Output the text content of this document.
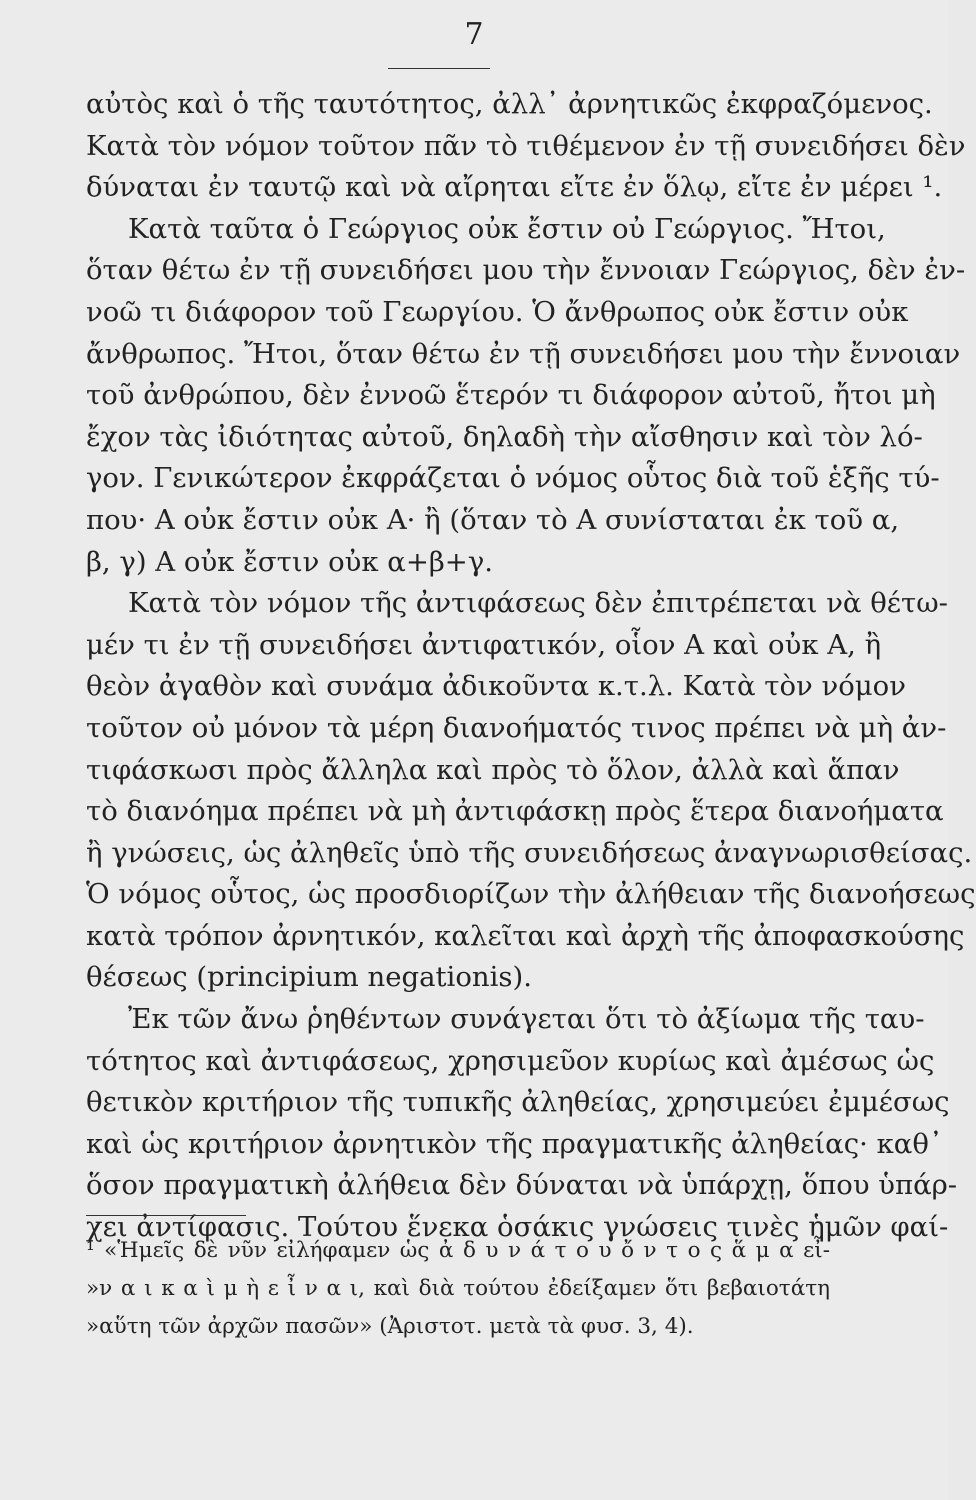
7
αὐτὸς καὶ ὁ τῆς ταυτότητος, ἀλλ᾽ ἀρνητικῶς ἐκφραζόμενος.
Κατὰ τὸν νόμον τοῦτον πᾶν τὸ τιθέμενον ἐν τῇ συνειδήσει δὲν
δύναται ἐν ταυτῷ καὶ νὰ αἴρηται εἴτε ἐν ὅλῳ, εἴτε ἐν μέρει ¹.
Κατὰ ταῦτα ὁ Γεώργιος οὐκ ἔστιν οὐ Γεώργιος. Ἤτοι,
ὅταν θέτω ἐν τῇ συνειδήσει μου τὴν ἔννοιαν Γεώργιος, δὲν ἐν-
νοῶ τι διάφορον τοῦ Γεωργίου. Ὁ ἄνθρωπος οὐκ ἔστιν οὐκ
ἄνθρωπος. Ἤτοι, ὅταν θέτω ἐν τῇ συνειδήσει μου τὴν ἔννοιαν
τοῦ ἀνθρώπου, δὲν ἐννοῶ ἕτερόν τι διάφορον αὐτοῦ, ἤτοι μὴ
ἔχον τὰς ἰδιότητας αὐτοῦ, δηλαδὴ τὴν αἴσθησιν καὶ τὸν λό-
γον. Γενικώτερον ἐκφράζεται ὁ νόμος οὗτος διὰ τοῦ ἑξῆς τύ-
που· Α οὐκ ἔστιν οὐκ Α· ἢ (ὅταν τὸ Α συνίσταται ἐκ τοῦ α,
β, γ) Α οὐκ ἔστιν οὐκ α+β+γ.
Κατὰ τὸν νόμον τῆς ἀντιφάσεως δὲν ἐπιτρέπεται νὰ θέτω-
μέν τι ἐν τῇ συνειδήσει ἀντιφατικόν, οἷον Α καὶ οὐκ Α, ἢ
θεὸν ἀγαθὸν καὶ συνάμα ἀδικοῦντα κ.τ.λ. Κατὰ τὸν νόμον
τοῦτον οὐ μόνον τὰ μέρη διανοήματός τινος πρέπει νὰ μὴ ἀν-
τιφάσκωσι πρὸς ἄλληλα καὶ πρὸς τὸ ὅλον, ἀλλὰ καὶ ἅπαν
τὸ διανόημα πρέπει νὰ μὴ ἀντιφάσκῃ πρὸς ἕτερα διανοήματα
ἢ γνώσεις, ὡς ἀληθεῖς ὑπὸ τῆς συνειδήσεως ἀναγνωρισθείσας.
Ὁ νόμος οὗτος, ὡς προσδιορίζων τὴν ἀλήθειαν τῆς διανοήσεως
κατὰ τρόπον ἀρνητικόν, καλεῖται καὶ ἀρχὴ τῆς ἀποφασκούσης
θέσεως (principium negationis).
Ἐκ τῶν ἄνω ῥηθέντων συνάγεται ὅτι τὸ ἀξίωμα τῆς ταυ-
τότητος καὶ ἀντιφάσεως, χρησιμεῦον κυρίως καὶ ἀμέσως ὡς
θετικὸν κριτήριον τῆς τυπικῆς ἀληθείας, χρησιμεύει ἐμμέσως
καὶ ὡς κριτήριον ἀρνητικὸν τῆς πραγματικῆς ἀληθείας· καθ᾽
ὅσον πραγματικὴ ἀλήθεια δὲν δύναται νὰ ὑπάρχῃ, ὅπου ὑπάρ-
χει ἀντίφασις. Τούτου ἕνεκα ὁσάκις γνώσεις τινὲς ἡμῶν φαί-
¹ «Ἡμεῖς δὲ νῦν εἰλήφαμεν ὡς ἀ δ υ ν ά τ ο υ ὄ ν τ ο ς ἅ μ α εἶ-
»ν α ι κ α ὶ μ ὴ ε ἶ ν α ι, καὶ διὰ τούτου ἐδείξαμεν ὅτι βεβαιοτάτη
»αὕτη τῶν ἀρχῶν πασῶν» (Ἀριστοτ. μετὰ τὰ φυσ. 3, 4).
